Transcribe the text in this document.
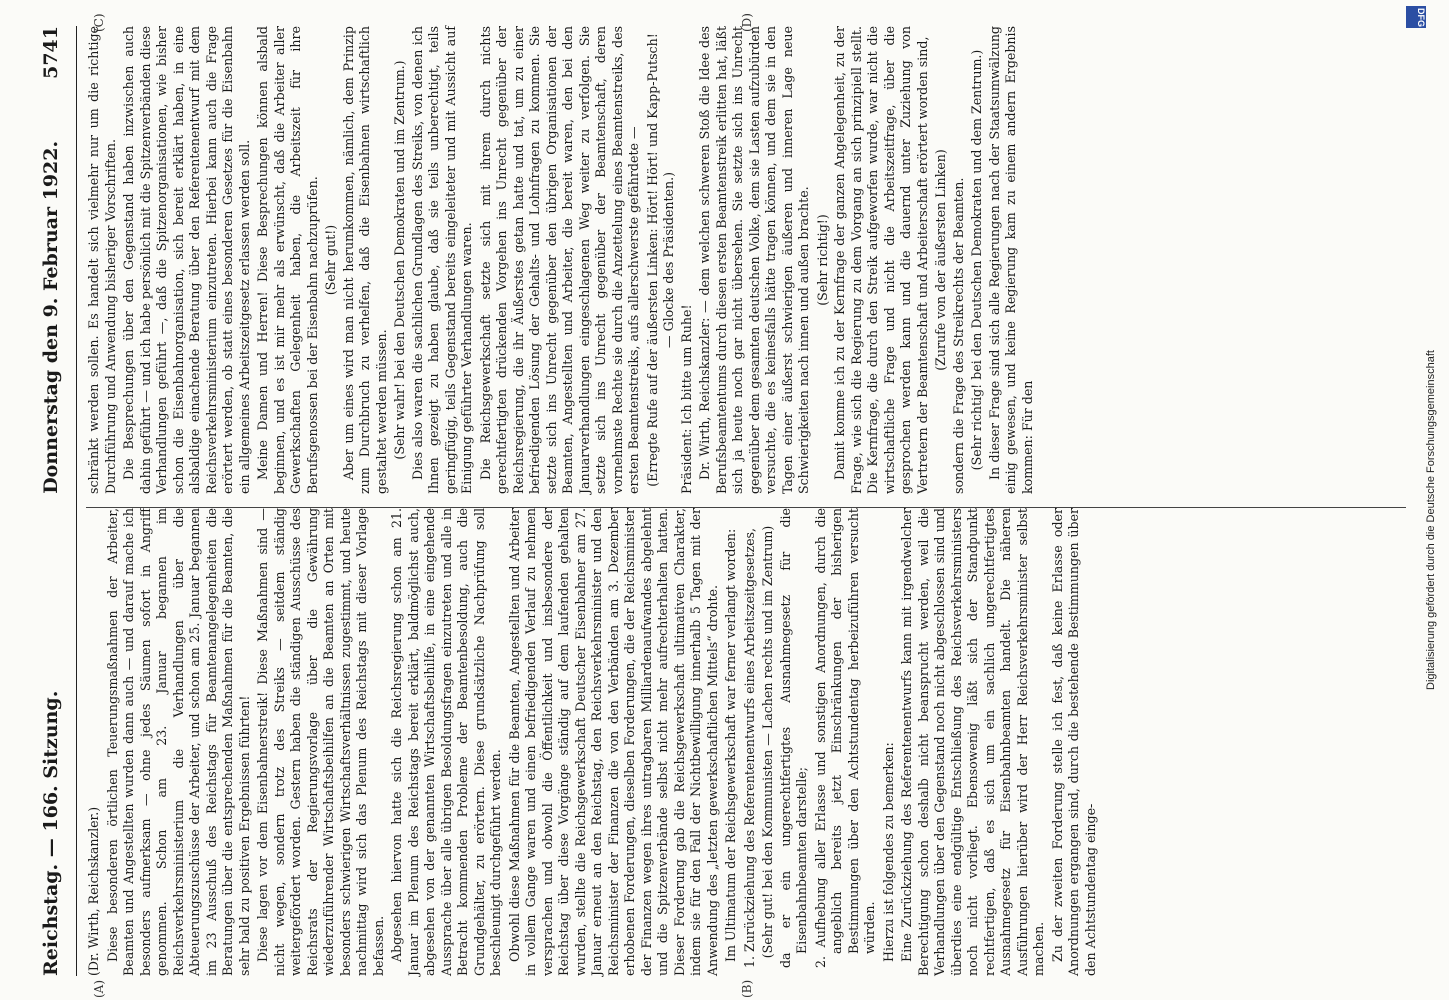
Reichstag. — 166. Sitzung.
Donnerstag den 9. Februar 1922.
5741
(A)	(B)
(C)	(D)

(Dr. Wirth, Reichskanzler.) Diese besonderen örtlichen Teuerungsmaßnahmen der Arbeiter, Beamten und Angestellten wurden dann auch — und darauf mache ich besonders aufmerksam — ohne jedes Säumen sofort in Angriff genommen. Schon am 23. Januar begannen im Reichsverkehrsministerium die Verhandlungen über die Abteuerungszuschüsse der Arbeiter, und schon am 25. Januar begannen im 23 Ausschuß des Reichstags für Beamtenangelegenheiten die Beratungen über die entsprechenden Maßnahmen für die Beamten, die sehr bald zu positiven Ergebnissen führten! Diese lagen vor dem Eisenbahnerstreik! Diese Maßnahmen sind — nicht wegen, sondern trotz des Streiks — seitdem ständig weitergefördert worden. Gestern haben die ständigen Ausschüsse des Reichsrats der Regierungsvorlage über die Gewährung wiederzuführender Wirtschaftsbeihilfen an die Beamten an Orten mit besonders schwierigen Wirtschaftsverhältnissen zugestimmt, und heute nachmittag wird sich das Plenum des Reichstags mit dieser Vorlage befassen. Abgesehen hiervon hatte sich die Reichsregierung schon am 21. Januar im Plenum des Reichstags bereit erklärt, baldmöglichst auch, abgesehen von der genannten Wirtschaftsbeihilfe, in eine eingehende Aussprache über alle übrigen Besoldungsfragen einzutreten und alle in Betracht kommenden Probleme der Beamtenbesoldung, auch die Grundgehälter, zu erörtern. Diese grundsätzliche Nachprüfung soll beschleunigt durchgeführt werden. Obwohl diese Maßnahmen für die Beamten, Angestellten und Arbeiter in vollem Gange waren und einen befriedigenden Verlauf zu nehmen versprachen und obwohl die Öffentlichkeit und insbesondere der Reichstag über diese Vorgänge ständig auf dem laufenden gehalten wurden, stellte die Reichsgewerkschaft Deutscher Eisenbahner am 27. Januar erneut an den Reichstag, den Reichsverkehrsminister und den Reichsminister der Finanzen die von den Verbänden am 3. Dezember erhobenen Forderungen, dieselben Forderungen, die der Reichsminister der Finanzen wegen ihres untragbaren Milliardenaufwandes abgelehnt und die Spitzenverbände selbst nicht mehr aufrechterhalten hatten. Dieser Forderung gab die Reichsgewerkschaft ultimativen Charakter, indem sie für den Fall der Nichtbewilligung innerhalb 5 Tagen mit der Anwendung des „letzten gewerkschaftlichen Mittels“ drohte. Im Ultimatum der Reichsgewerkschaft war ferner verlangt worden: 1. Zurückziehung des Referentenentwurfs eines Arbeitszeitgesetzes, (Sehr gut! bei den Kommunisten — Lachen rechts und im Zentrum) da er ein ungerechtfertigtes Ausnahmegesetz für die Eisenbahnbeamten darstelle; 2. Aufhebung aller Erlasse und sonstigen Anordnungen, durch die angeblich bereits jetzt Einschränkungen der bisherigen Bestimmungen über den Achtstundentag herbeizuführen versucht würden. Hierzu ist folgendes zu bemerken: Eine Zurückziehung des Referentenentwurfs kann mit irgendwelcher Berechtigung schon deshalb nicht beansprucht werden, weil die Verhandlungen über den Gegenstand noch nicht abgeschlossen sind und überdies eine endgültige Entschließung des Reichsverkehrsministers noch nicht vorliegt. Ebensowenig läßt sich der Standpunkt rechtfertigen, daß es sich um ein sachlich ungerechtfertigtes Ausnahmegesetz für Eisenbahnbeamten handelt. Die näheren Ausführungen hierüber wird der Herr Reichsverkehrsminister selbst machen. Zu der zweiten Forderung stelle ich fest, daß keine Erlasse oder Anordnungen ergangen sind, durch die bestehende Bestimmungen über den Achtstundentag einge-

schränkt werden sollen. Es handelt sich vielmehr nur um die richtige Durchführung und Anwendung bisheriger Vorschriften. Die Besprechungen über den Gegenstand haben inzwischen auch dahin geführt — und ich habe persönlich mit die Spitzenverbänden diese Verhandlungen geführt —, daß die Spitzenorganisationen, wie bisher schon die Eisenbahnorganisation, sich bereit erklärt haben, in eine alsbaldige einachende Beratung über den Referentenentwurf mit dem Reichsverkehrsministerium einzutreten. Hierbei kann auch die Frage erörtert werden, ob statt eines besonderen Gesetzes für die Eisenbahn ein allgemeines Arbeitszeitgesetz erlassen werden soll. Meine Damen und Herren! Diese Besprechungen können alsbald beginnen, und es ist mir mehr als erwünscht, daß die Arbeiter aller Gewerkschaften Gelegenheit haben, die Arbeitszeit für ihre Berufsgenossen bei der Eisenbahn nachzuprüfen. (Sehr gut!) Aber um eines wird man nicht herumkommen, nämlich, dem Prinzip zum Durchbruch zu verhelfen, daß die Eisenbahnen wirtschaftlich gestaltet werden müssen. (Sehr wahr! bei den Deutschen Demokraten und im Zentrum.) Dies also waren die sachlichen Grundlagen des Streiks, von denen ich Ihnen gezeigt zu haben glaube, daß sie teils unberechtigt, teils geringfügig, teils Gegenstand bereits eingeleiteter und mit Aussicht auf Einigung geführter Verhandlungen waren. Die Reichsgewerkschaft setzte sich mit ihrem durch nichts gerechtfertigten drückenden Vorgehen ins Unrecht gegenüber der Reichsregierung, die ihr Äußerstes getan hatte und tat, um zu einer befriedigenden Lösung der Gehalts- und Lohnfragen zu kommen. Sie setzte sich ins Unrecht gegenüber den übrigen Organisationen der Beamten, Angestellten und Arbeiter, die bereit waren, den bei den Januarverhandlungen eingeschlagenen Weg weiter zu verfolgen. Sie setzte sich ins Unrecht gegenüber der Beamtenschaft, deren vornehmste Rechte sie durch die Anzettelung eines Beamtenstreiks, des ersten Beamtenstreiks, aufs allerschwerste gefährdete — (Erregte Rufe auf der äußersten Linken: Hört! Hört! und Kapp-Putsch! — Glocke des Präsidenten.)

Präsident: Ich bitte um Ruhe! Dr. Wirth, Reichskanzler: — dem welchen schweren Stoß die Idee des Berufsbeamtentums durch diesen ersten Beamtenstreik erlitten hat, läßt sich ja heute noch gar nicht übersehen. Sie setzte sich ins Unrecht gegenüber dem gesamten deutschen Volke, dem sie Lasten aufzubürden versuchte, die es keinesfalls hätte tragen können, und dem sie in den Tagen einer äußerst schwierigen äußeren und inneren Lage neue Schwierigkeiten nach innen und außen brachte. (Sehr richtig!) Damit komme ich zu der Kernfrage der ganzen Angelegenheit, zu der Frage, wie sich die Regierung zu dem Vorgang an sich prinzipiell stellt. Die Kernfrage, die durch den Streik aufgeworfen wurde, war nicht die wirtschaftliche Frage und nicht die Arbeitszeitfrage, über die gesprochen werden kann und die dauernd unter Zuziehung von Vertretern der Beamtenschaft und Arbeiterschaft erörtert worden sind, (Zurufe von der äußersten Linken) sondern die Frage des Streikrechts der Beamten. (Sehr richtig! bei den Deutschen Demokraten und dem Zentrum.) In dieser Frage sind sich alle Regierungen nach der Staatsumwälzung einig gewesen, und keine Regierung kam zu einem andern Ergebnis kommen: Für den

DFG
Digitalisierung gefördert durch die Deutsche Forschungsgemeinschaft
